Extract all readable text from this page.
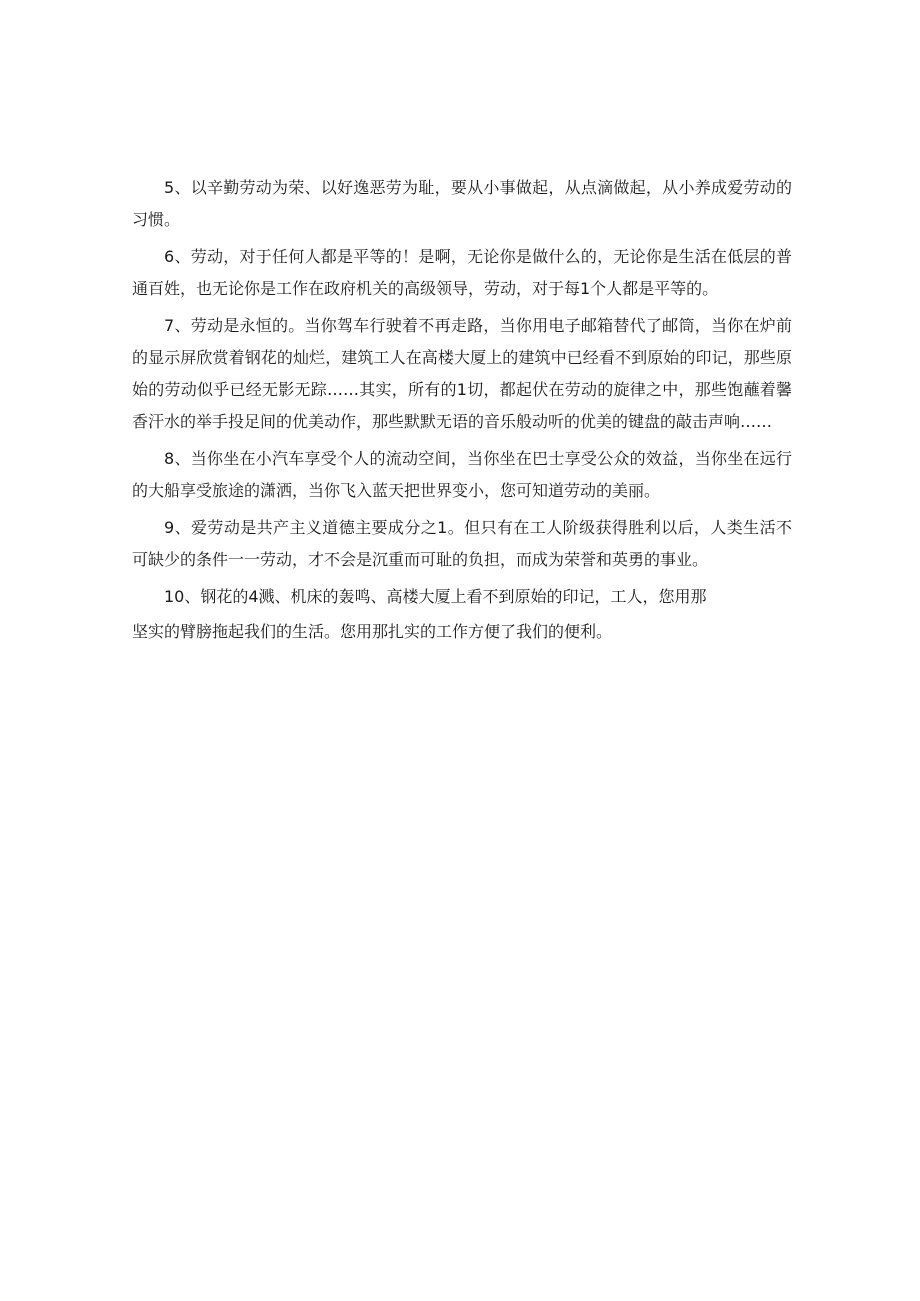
5、以辛勤劳动为荣、以好逸恶劳为耻，要从小事做起，从点滴做起，从小养成爱劳动的习惯。

6、劳动，对于任何人都是平等的！是啊，无论你是做什么的，无论你是生活在低层的普通百姓，也无论你是工作在政府机关的高级领导，劳动，对于每1个人都是平等的。

7、劳动是永恒的。当你驾车行驶着不再走路，当你用电子邮箱替代了邮筒，当你在炉前的显示屏欣赏着钢花的灿烂，建筑工人在高楼大厦上的建筑中已经看不到原始的印记，那些原始的劳动似乎已经无影无踪……其实，所有的1切，都起伏在劳动的旋律之中，那些饱蘸着馨香汗水的举手投足间的优美动作，那些默默无语的音乐般动听的优美的键盘的敲击声响……

8、当你坐在小汽车享受个人的流动空间，当你坐在巴士享受公众的效益，当你坐在远行的大船享受旅途的潇洒，当你飞入蓝天把世界变小，您可知道劳动的美丽。

9、爱劳动是共产主义道德主要成分之1。但只有在工人阶级获得胜利以后，人类生活不可缺少的条件一一劳动，才不会是沉重而可耻的负担，而成为荣誉和英勇的事业。

10、钢花的4溅、机床的轰鸣、高楼大厦上看不到原始的印记，工人，您用那
坚实的臂膀拖起我们的生活。您用那扎实的工作方便了我们的便利。
